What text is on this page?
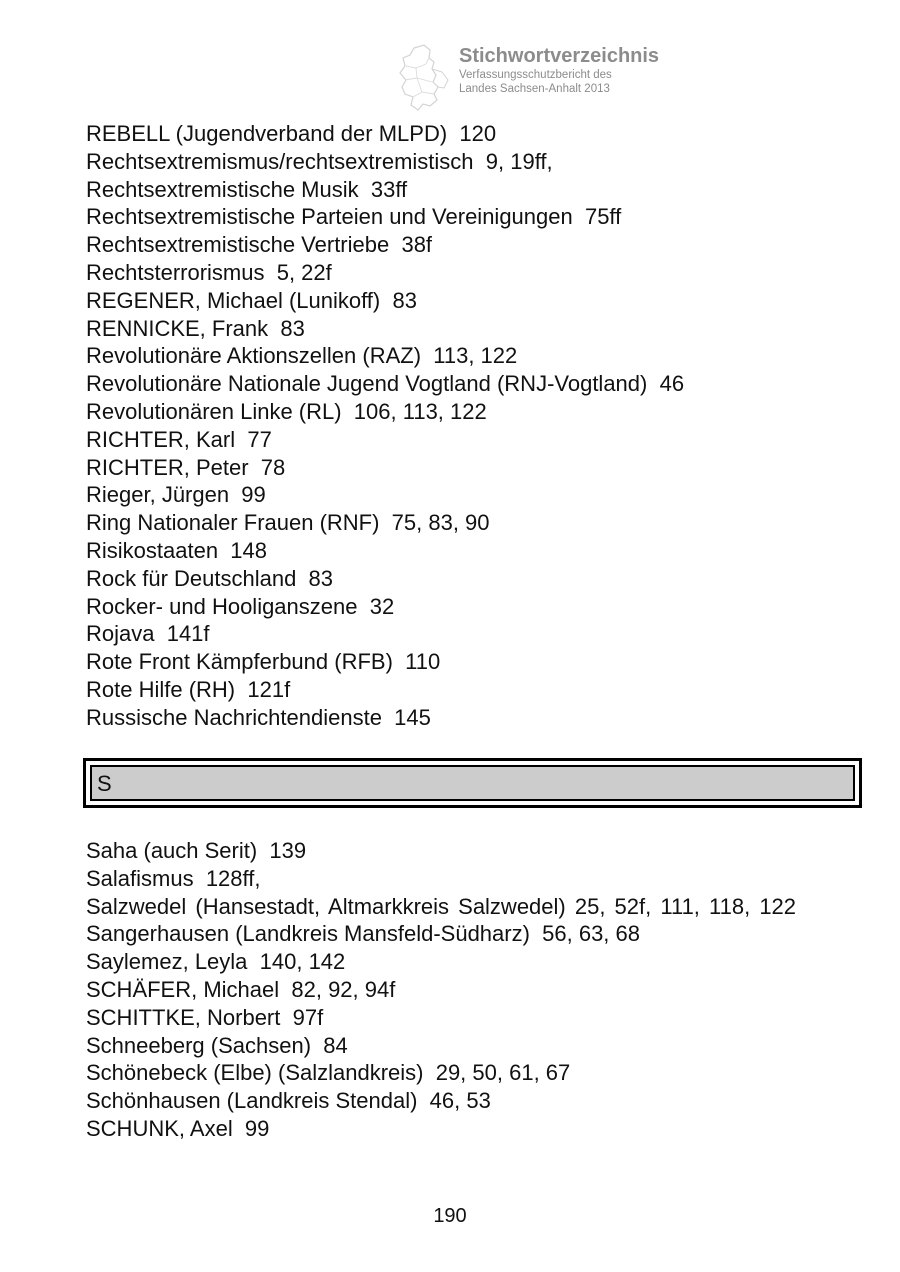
Stichwortverzeichnis
Verfassungsschutzbericht des
Landes Sachsen-Anhalt 2013

REBELL (Jugendverband der MLPD)  120

Rechtsextremismus/rechtsextremistisch  9, 19ff,

Rechtsextremistische Musik  33ff

Rechtsextremistische Parteien und Vereinigungen  75ff

Rechtsextremistische Vertriebe  38f

Rechtsterrorismus  5, 22f

REGENER, Michael (Lunikoff)  83

RENNICKE, Frank  83

Revolutionäre Aktionszellen (RAZ)  113, 122

Revolutionäre Nationale Jugend Vogtland (RNJ-Vogtland)  46

Revolutionären Linke (RL)  106, 113, 122

RICHTER, Karl  77

RICHTER, Peter  78

Rieger, Jürgen  99

Ring Nationaler Frauen (RNF)  75, 83, 90

Risikostaaten  148

Rock für Deutschland  83

Rocker- und Hooliganszene  32

Rojava  141f

Rote Front Kämpferbund (RFB)  110

Rote Hilfe (RH)  121f

Russische Nachrichtendienste  145

S

Saha (auch Serit)  139

Salafismus  128ff,

Salzwedel (Hansestadt, Altmarkkreis Salzwedel) 25, 52f, 111, 118, 122

Sangerhausen (Landkreis Mansfeld-Südharz)  56, 63, 68

Saylemez, Leyla  140, 142

SCHÄFER, Michael  82, 92, 94f

SCHITTKE, Norbert  97f

Schneeberg (Sachsen)  84

Schönebeck (Elbe) (Salzlandkreis)  29, 50, 61, 67

Schönhausen (Landkreis Stendal)  46, 53

SCHUNK, Axel  99

190
